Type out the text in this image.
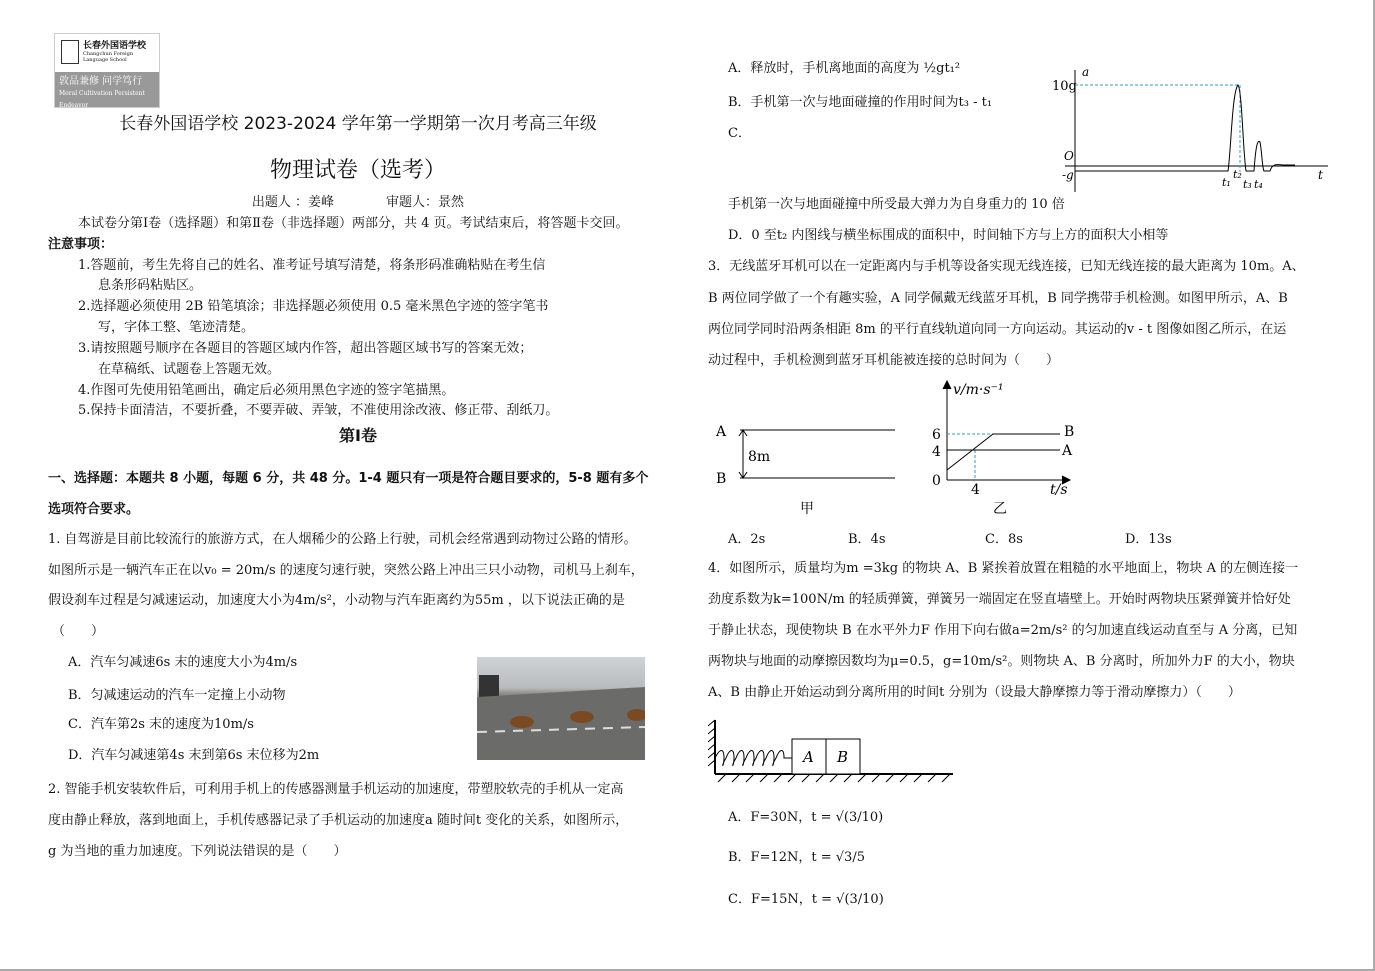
长春外国语学校
Changchun Foreign Language School
敦品兼修 问学笃行
Moral Cultivation Persistent Endeavor
长春外国语学校 2023-2024 学年第一学期第一次月考高三年级
物理试卷（选考）
出题人 ：姜峰　　　　审题人：景然
本试卷分第Ⅰ卷（选择题）和第Ⅱ卷（非选择题）两部分，共 4 页。考试结束后，将答题卡交回。
注意事项：
1.答题前，考生先将自己的姓名、准考证号填写清楚，将条形码准确粘贴在考生信
息条形码粘贴区。
2.选择题必须使用 2B 铅笔填涂；非选择题必须使用 0.5 毫米黑色字迹的签字笔书
写，字体工整、笔迹清楚。
3.请按照题号顺序在各题目的答题区域内作答，超出答题区域书写的答案无效；
在草稿纸、试题卷上答题无效。
4.作图可先使用铅笔画出，确定后必须用黑色字迹的签字笔描黑。
5.保持卡面清洁，不要折叠，不要弄破、弄皱，不准使用涂改液、修正带、刮纸刀。
第Ⅰ卷
一、选择题：本题共 8 小题，每题 6 分，共 48 分。1-4 题只有一项是符合题目要求的，5-8 题有多个
选项符合要求。
1. 自驾游是目前比较流行的旅游方式，在人烟稀少的公路上行驶，司机会经常遇到动物过公路的情形。
如图所示是一辆汽车正在以v₀ = 20m/s 的速度匀速行驶，突然公路上冲出三只小动物，司机马上刹车，
假设刹车过程是匀减速运动，加速度大小为4m/s²，小动物与汽车距离约为55m ，以下说法正确的是
（　　）
A．汽车匀减速6s 末的速度大小为4m/s
B．匀减速运动的汽车一定撞上小动物
C．汽车第2s 末的速度为10m/s
D．汽车匀减速第4s 末到第6s 末位移为2m
2. 智能手机安装软件后，可利用手机上的传感器测量手机运动的加速度，带塑胶软壳的手机从一定高
度由静止释放，落到地面上，手机传感器记录了手机运动的加速度a 随时间t 变化的关系，如图所示，
g 为当地的重力加速度。下列说法错误的是（　　）
A．释放时，手机离地面的高度为 ½gt₁²
B．手机第一次与地面碰撞的作用时间为t₃ - t₁
C．
手机第一次与地面碰撞中所受最大弹力为自身重力的 10 倍
D．0 至t₂ 内图线与横坐标围成的面积中，时间轴下方与上方的面积大小相等
10g
a
O
-g	t
t₁
t₂
t₃ t₄
3．无线蓝牙耳机可以在一定距离内与手机等设备实现无线连接，已知无线连接的最大距离为 10m。A、
B 两位同学做了一个有趣实验，A 同学佩戴无线蓝牙耳机，B 同学携带手机检测。如图甲所示，A、B
两位同学同时沿两条相距 8m 的平行直线轨道向同一方向运动。其运动的v - t 图像如图乙所示，在运
动过程中，手机检测到蓝牙耳机能被连接的总时间为（　　）
A
B
8m
甲
v/m·s⁻¹
t/s
6
4
0
4
B
A
乙
A．2s	B．4s	C．8s	D．13s
4．如图所示，质量均为m =3kg 的物块 A、B 紧挨着放置在粗糙的水平地面上，物块 A 的左侧连接一
劲度系数为k=100N/m 的轻质弹簧，弹簧另一端固定在竖直墙壁上。开始时两物块压紧弹簧并恰好处
于静止状态，现使物块 B 在水平外力F 作用下向右做a=2m/s² 的匀加速直线运动直至与 A 分离，已知
两物块与地面的动摩擦因数均为μ=0.5，g=10m/s²。则物块 A、B 分离时，所加外力F 的大小，物块
A、B 由静止开始运动到分离所用的时间t 分别为（设最大静摩擦力等于滑动摩擦力）（　　）
A B
A．F=30N，t = √(3/10)
B．F=12N，t = √3/5
C．F=15N，t = √(3/10)
